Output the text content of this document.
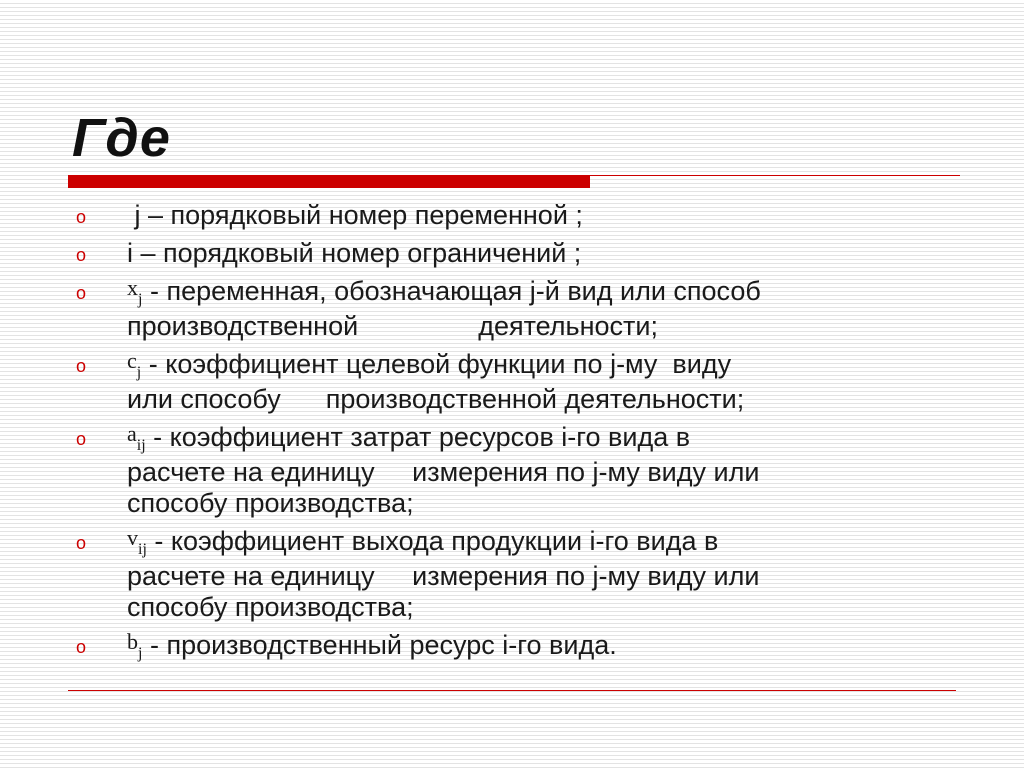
Где
o j – порядковый номер переменной ;
o i – порядковый номер ограничений ;
o $x_j$ - переменная, обозначающая j-й вид или способ
производственной                деятельности;
o $c_j$ - коэффициент целевой функции по j-му  виду
или способу      производственной деятельности;
o $a_{ij}$ - коэффициент затрат ресурсов i-го вида в
расчете на единицу     измерения по j-му виду или
способу производства;
o $v_{ij}$ - коэффициент выхода продукции i-го вида в
расчете на единицу     измерения по j-му виду или
способу производства;
o $b_j$ - производственный ресурс i-го вида.
